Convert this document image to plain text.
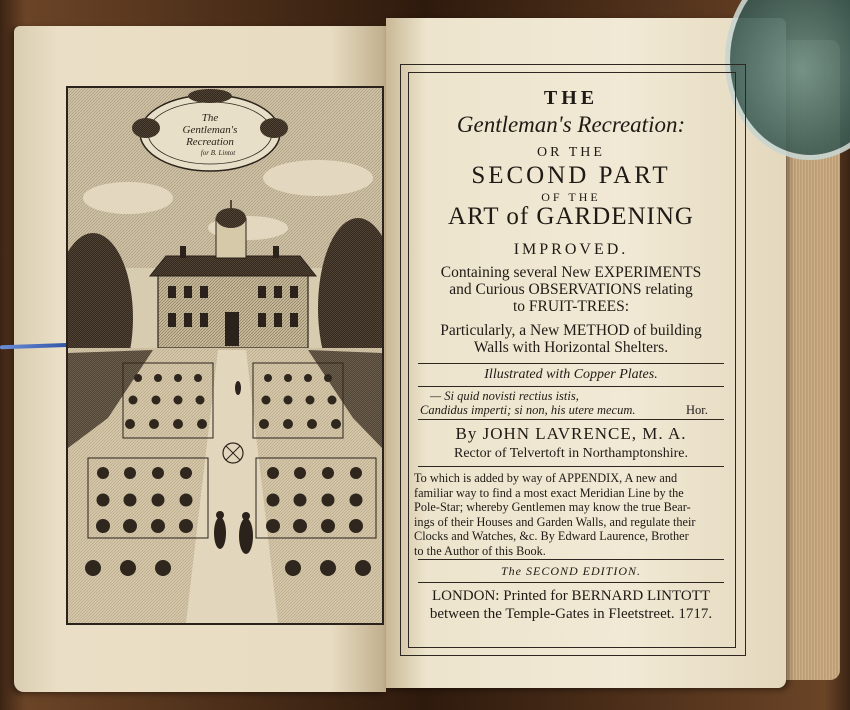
The
Gentleman's
Recreation
for B. Lintot
THE
Gentleman's Recreation:
OR THE
SECOND PART
OF THE
ART of GARDENING
IMPROVED.
Containing several New EXPERIMENTS
and Curious OBSERVATIONS relating
to FRUIT-TREES:
Particularly, a New METHOD of building
Walls with Horizontal Shelters.
Illustrated with Copper Plates.
— Si quid novisti rectius istis,
Candidus imperti; si non, his utere mecum.	Hor.
By JOHN LAVRENCE, M. A.
Rector of Telvertoft in Northamptonshire.
To which is added by way of APPENDIX, A new and
familiar way to find a most exact Meridian Line by the
Pole-Star; whereby Gentlemen may know the true Bear-
ings of their Houses and Garden Walls, and regulate their
Clocks and Watches, &c. By Edward Laurence, Brother
to the Author of this Book.
The SECOND EDITION.
LONDON: Printed for BERNARD LINTOTT
between the Temple-Gates in Fleetstreet. 1717.
